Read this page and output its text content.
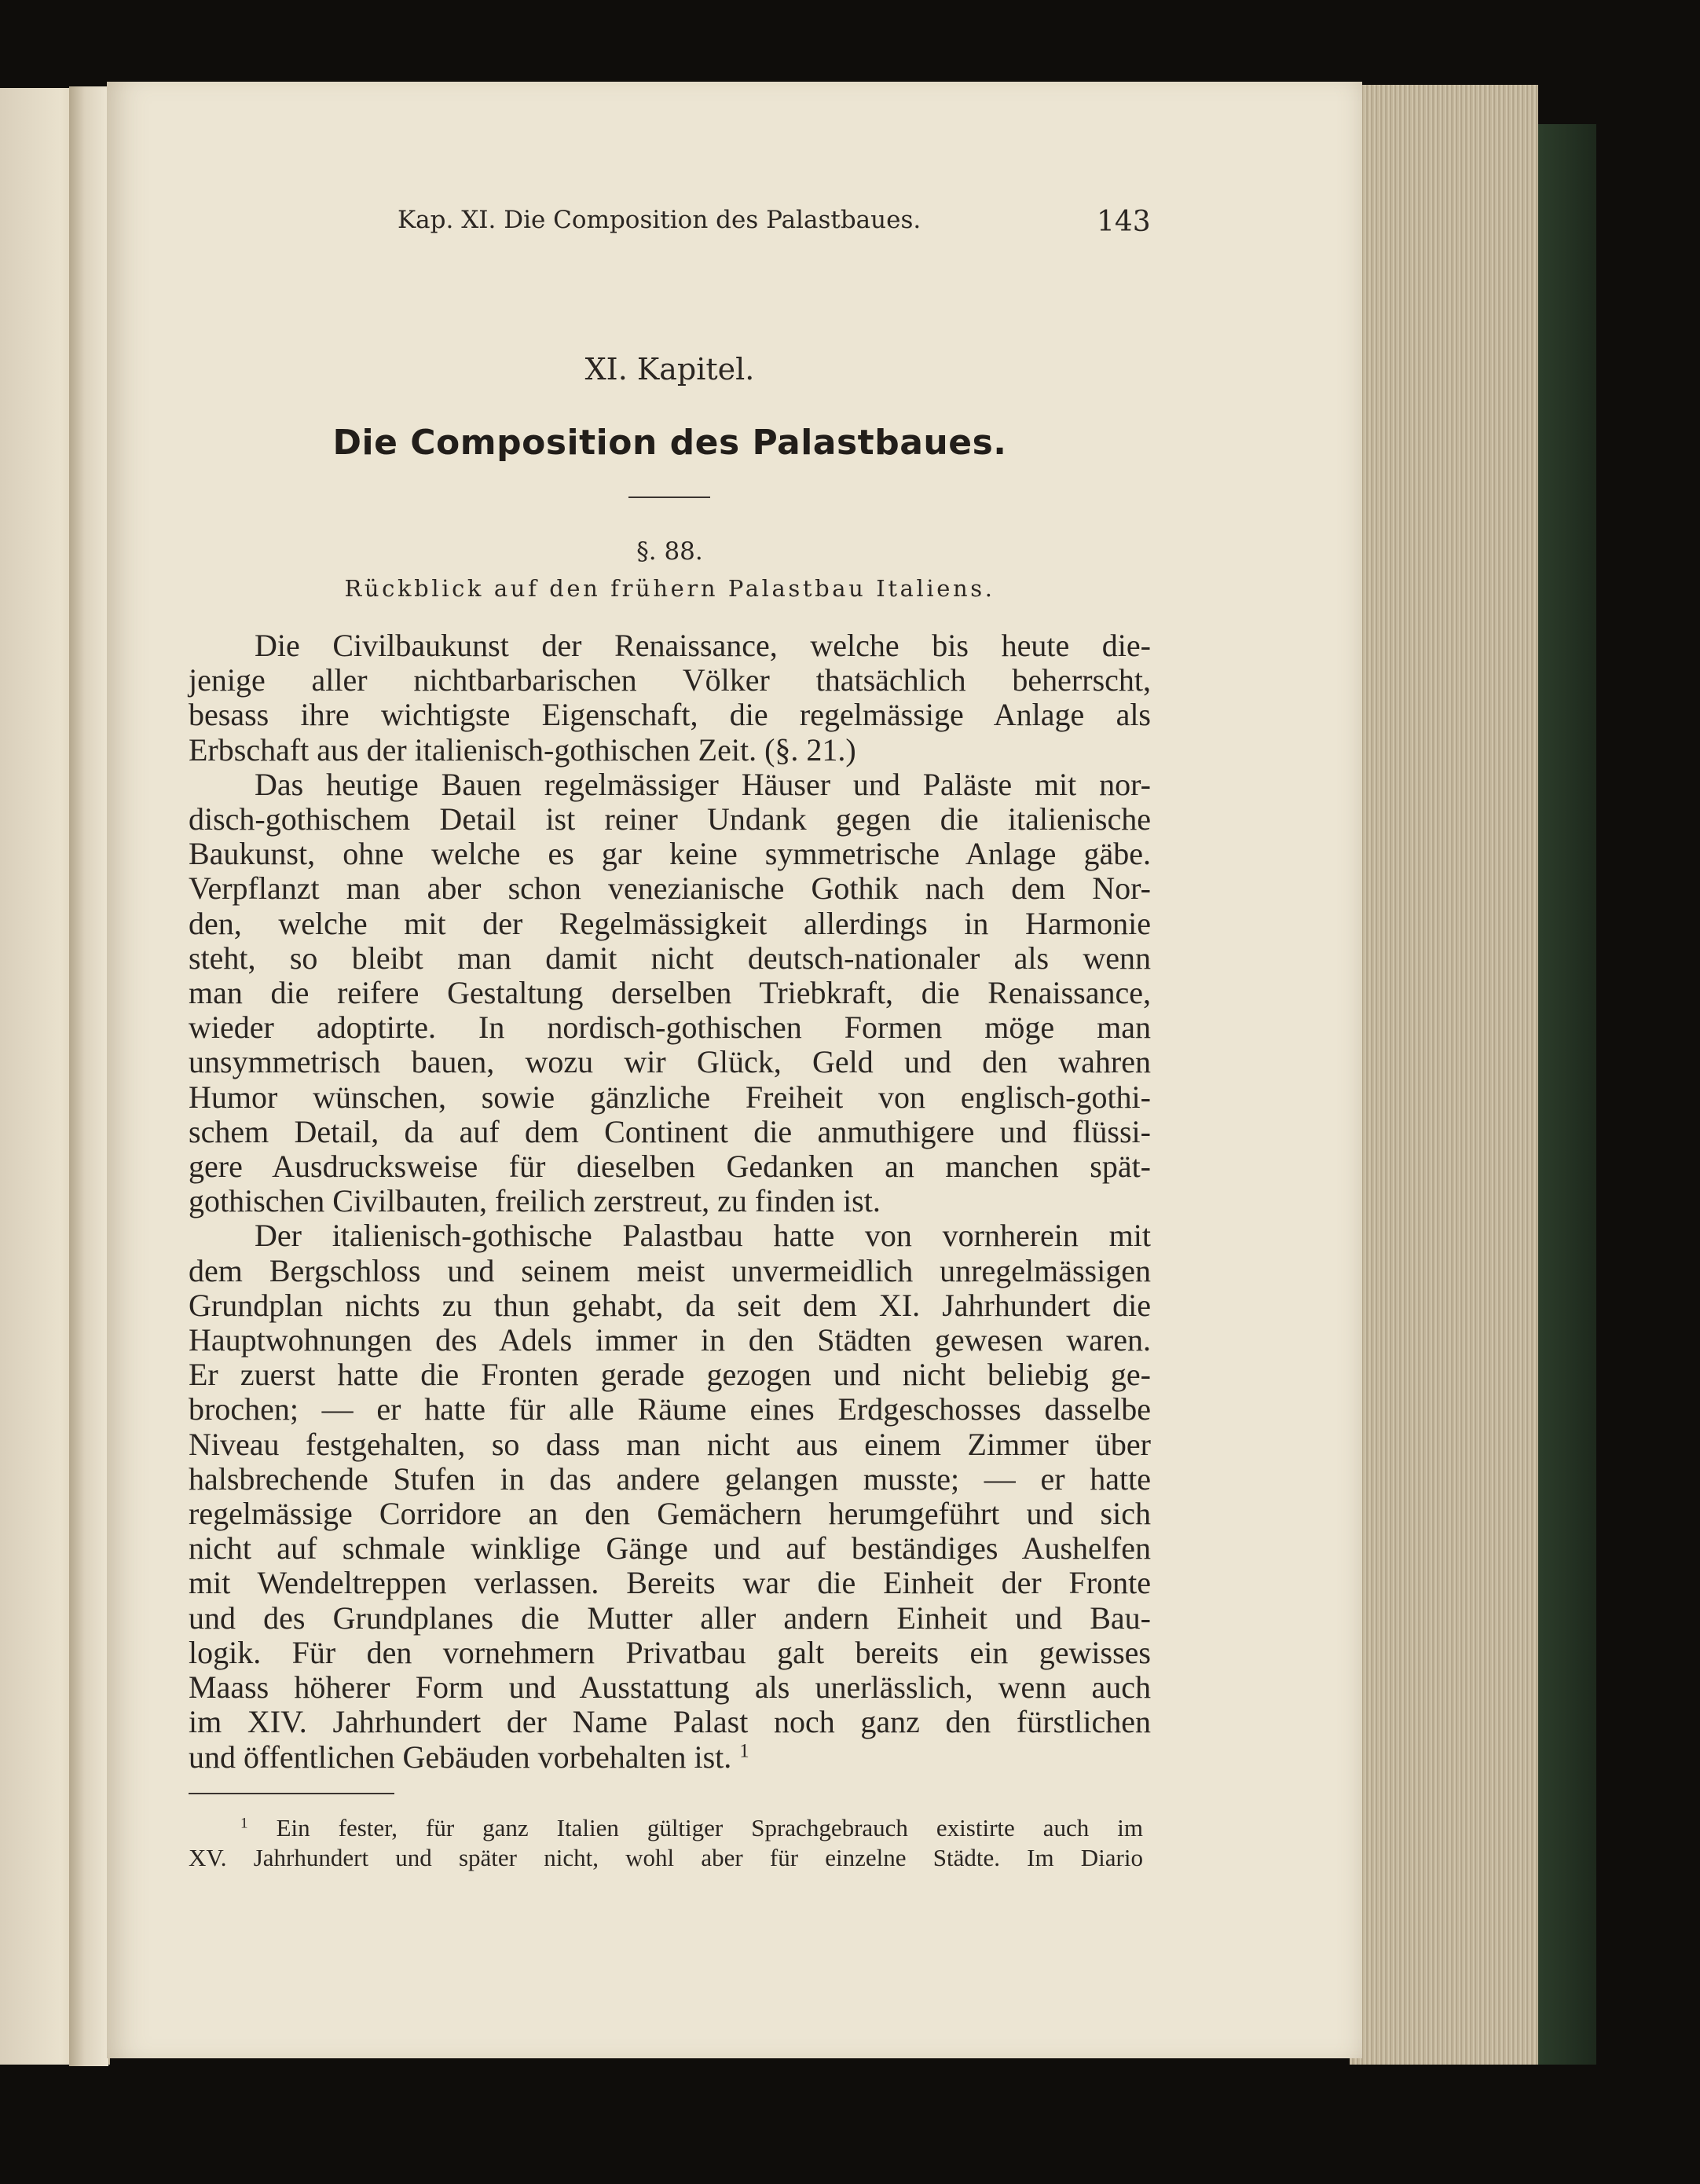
Kap. XI. Die Composition des Palastbaues.	143
XI. Kapitel.
Die Composition des Palastbaues.
§. 88.
Rückblick auf den frühern Palastbau Italiens.
Die Civilbaukunst der Renaissance, welche bis heute die-
jenige aller nichtbarbarischen Völker thatsächlich beherrscht,
besass ihre wichtigste Eigenschaft, die regelmässige Anlage als
Erbschaft aus der italienisch-gothischen Zeit. (§. 21.)
Das heutige Bauen regelmässiger Häuser und Paläste mit nor-
disch-gothischem Detail ist reiner Undank gegen die italienische
Baukunst, ohne welche es gar keine symmetrische Anlage gäbe.
Verpflanzt man aber schon venezianische Gothik nach dem Nor-
den, welche mit der Regelmässigkeit allerdings in Harmonie
steht, so bleibt man damit nicht deutsch-nationaler als wenn
man die reifere Gestaltung derselben Triebkraft, die Renaissance,
wieder adoptirte. In nordisch-gothischen Formen möge man
unsymmetrisch bauen, wozu wir Glück, Geld und den wahren
Humor wünschen, sowie gänzliche Freiheit von englisch-gothi-
schem Detail, da auf dem Continent die anmuthigere und flüssi-
gere Ausdrucksweise für dieselben Gedanken an manchen spät-
gothischen Civilbauten, freilich zerstreut, zu finden ist.
Der italienisch-gothische Palastbau hatte von vornherein mit
dem Bergschloss und seinem meist unvermeidlich unregelmässigen
Grundplan nichts zu thun gehabt, da seit dem XI. Jahrhundert die
Hauptwohnungen des Adels immer in den Städten gewesen waren.
Er zuerst hatte die Fronten gerade gezogen und nicht beliebig ge-
brochen; — er hatte für alle Räume eines Erdgeschosses dasselbe
Niveau festgehalten, so dass man nicht aus einem Zimmer über
halsbrechende Stufen in das andere gelangen musste; — er hatte
regelmässige Corridore an den Gemächern herumgeführt und sich
nicht auf schmale winklige Gänge und auf beständiges Aushelfen
mit Wendeltreppen verlassen. Bereits war die Einheit der Fronte
und des Grundplanes die Mutter aller andern Einheit und Bau-
logik. Für den vornehmern Privatbau galt bereits ein gewisses
Maass höherer Form und Ausstattung als unerlässlich, wenn auch
im XIV. Jahrhundert der Name Palast noch ganz den fürstlichen
und öffentlichen Gebäuden vorbehalten ist. $^1$
$^1$ Ein fester, für ganz Italien gültiger Sprachgebrauch existirte auch im
XV. Jahrhundert und später nicht, wohl aber für einzelne Städte. Im Diario
